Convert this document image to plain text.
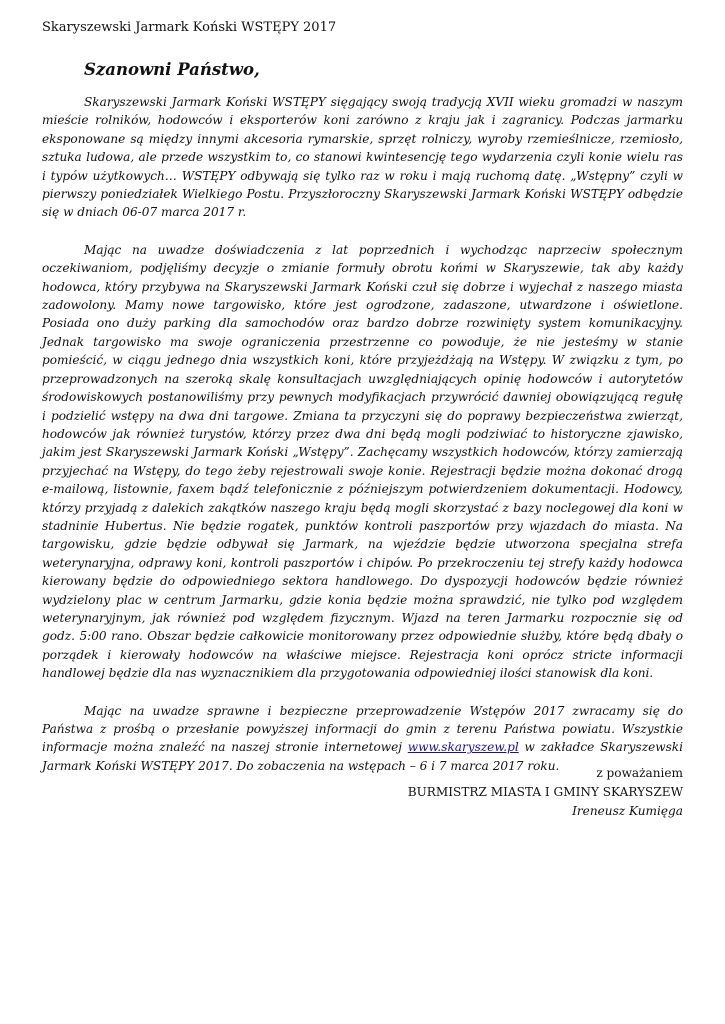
Skaryszewski Jarmark Koński WSTĘPY 2017

Szanowni Państwo,

Skaryszewski Jarmark Koński WSTĘPY sięgający swoją tradycją XVII wieku gromadzi w naszym mieście rolników, hodowców i eksporterów koni zarówno z kraju jak i zagranicy. Podczas jarmarku eksponowane są między innymi akcesoria rymarskie, sprzęt rolniczy, wyroby rzemieślnicze, rzemiosło, sztuka ludowa, ale przede wszystkim to, co stanowi kwintesencję tego wydarzenia czyli konie wielu ras i typów użytkowych… WSTĘPY odbywają się tylko raz w roku i mają ruchomą datę. „Wstępny” czyli w pierwszy poniedziałek Wielkiego Postu. Przyszłoroczny Skaryszewski Jarmark Koński WSTĘPY odbędzie się w dniach 06-07 marca 2017 r.

Mając na uwadze doświadczenia z lat poprzednich i wychodząc naprzeciw społecznym oczekiwaniom, podjęliśmy decyzje o zmianie formuły obrotu końmi w Skaryszewie, tak aby każdy hodowca, który przybywa na Skaryszewski Jarmark Koński czuł się dobrze i wyjechał z naszego miasta zadowolony. Mamy nowe targowisko, które jest ogrodzone, zadaszone, utwardzone i oświetlone. Posiada ono duży parking dla samochodów oraz bardzo dobrze rozwinięty system komunikacyjny. Jednak targowisko ma swoje ograniczenia przestrzenne co powoduje, że nie jesteśmy w stanie pomieścić, w ciągu jednego dnia wszystkich koni, które przyjeżdżają na Wstępy. W związku z tym, po przeprowadzonych na szeroką skalę konsultacjach uwzględniających opinię hodowców i autorytetów środowiskowych postanowiliśmy przy pewnych modyfikacjach przywrócić dawniej obowiązującą regułę i podzielić wstępy na dwa dni targowe. Zmiana ta przyczyni się do poprawy bezpieczeństwa zwierząt, hodowców jak również turystów, którzy przez dwa dni będą mogli podziwiać to historyczne zjawisko, jakim jest Skaryszewski Jarmark Koński „Wstępy”. Zachęcamy wszystkich hodowców, którzy zamierzają przyjechać na Wstępy, do tego żeby rejestrowali swoje konie. Rejestracji będzie można dokonać drogą e-mailową, listownie, faxem bądź telefonicznie z późniejszym potwierdzeniem dokumentacji. Hodowcy, którzy przyjadą z dalekich zakątków naszego kraju będą mogli skorzystać z bazy noclegowej dla koni w stadninie Hubertus. Nie będzie rogatek, punktów kontroli paszportów przy wjazdach do miasta. Na targowisku, gdzie będzie odbywał się Jarmark, na wjeździe będzie utworzona specjalna strefa weterynaryjna, odprawy koni, kontroli paszportów i chipów. Po przekroczeniu tej strefy każdy hodowca kierowany będzie do odpowiedniego sektora handlowego. Do dyspozycji hodowców będzie również wydzielony plac w centrum Jarmarku, gdzie konia będzie można sprawdzić, nie tylko pod względem weterynaryjnym, jak również pod względem fizycznym. Wjazd na teren Jarmarku rozpocznie się od godz. 5:00 rano. Obszar będzie całkowicie monitorowany przez odpowiednie służby, które będą dbały o porządek i kierowały hodowców na właściwe miejsce. Rejestracja koni oprócz stricte informacji handlowej będzie dla nas wyznacznikiem dla przygotowania odpowiedniej ilości stanowisk dla koni.

Mając na uwadze sprawne i bezpieczne przeprowadzenie Wstępów 2017 zwracamy się do Państwa z prośbą o przesłanie powyższej informacji do gmin z terenu Państwa powiatu. Wszystkie informacje można znaleźć na naszej stronie internetowej www.skaryszew.pl w zakładce Skaryszewski Jarmark Koński WSTĘPY 2017. Do zobaczenia na wstępach – 6 i 7 marca 2017 roku.

z poważaniem
BURMISTRZ MIASTA I GMINY SKARYSZEW
Ireneusz Kumięga
